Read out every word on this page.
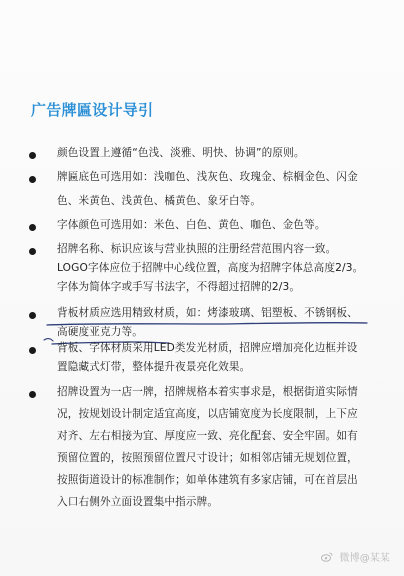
广告牌匾设计导引
颜色设置上遵循“色浅、淡雅、明快、协调”的原则。
牌匾底色可选用如：浅咖色、浅灰色、玫瑰金、棕榈金色、闪金
色、米黄色、浅黄色、橘黄色、象牙白等。
字体颜色可选用如：米色、白色、黄色、咖色、金色等。
招牌名称、标识应该与营业执照的注册经营范围内容一致。
LOGO字体应位于招牌中心线位置，高度为招牌字体总高度2/3。
字体为简体字或手写书法字，不得超过招牌的2/3。
背板材质应选用精致材质，如：烤漆玻璃、铝塑板、不锈钢板、
高硬度亚克力等。
背板、字体材质采用LED类发光材质，招牌应增加亮化边框并设
置隐藏式灯带，整体提升夜景亮化效果。
招牌设置为一店一牌，招牌规格本着实事求是，根据街道实际情
况，按规划设计制定适宜高度，以店铺宽度为长度限制，上下应
对齐、左右相接为宜、厚度应一致、亮化配套、安全牢固。如有
预留位置的，按照预留位置尺寸设计；如相邻店铺无规划位置，
按照街道设计的标准制作；如单体建筑有多家店铺，可在首层出
入口右侧外立面设置集中指示牌。
微博@某某
